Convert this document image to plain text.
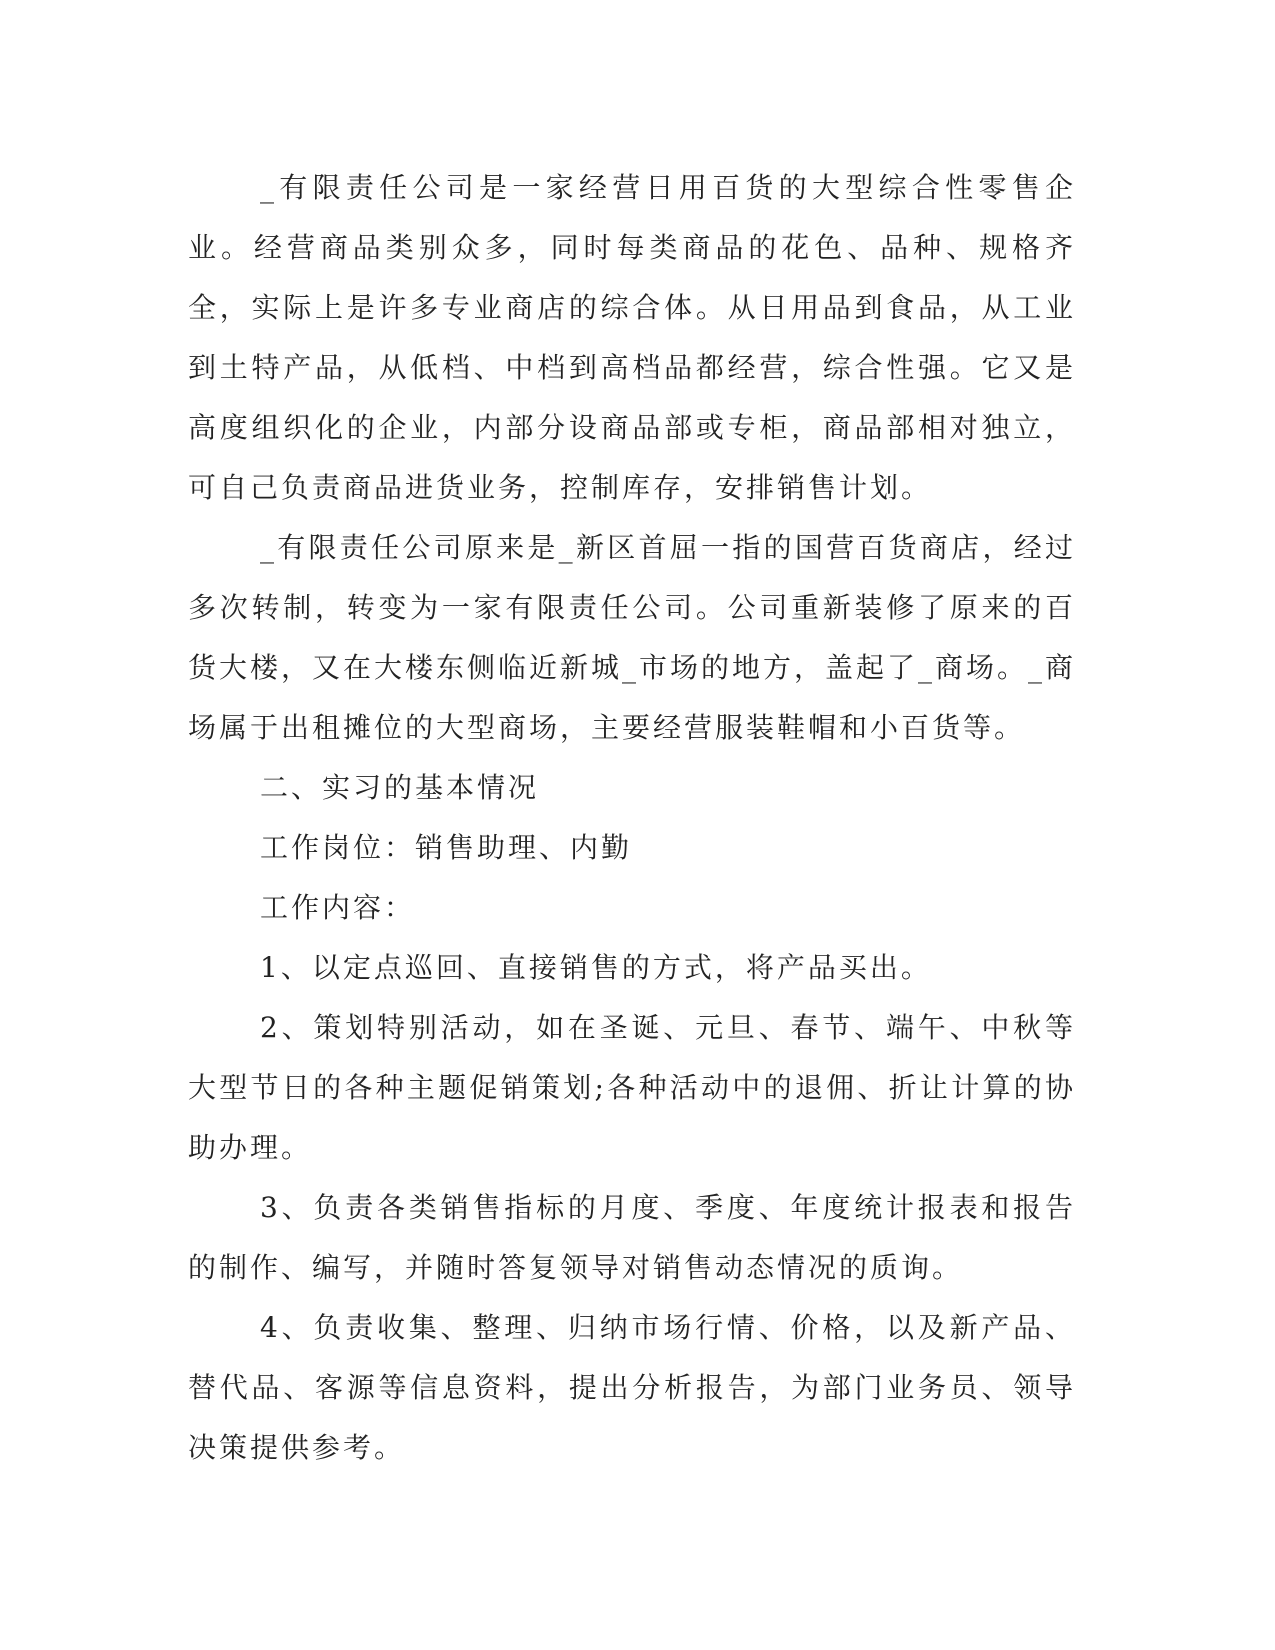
_有限责任公司是一家经营日用百货的大型综合性零售企业。经营商品类别众多，同时每类商品的花色、品种、规格齐全，实际上是许多专业商店的综合体。从日用品到食品，从工业到土特产品，从低档、中档到高档品都经营，综合性强。它又是高度组织化的企业，内部分设商品部或专柜，商品部相对独立，可自己负责商品进货业务，控制库存，安排销售计划。

_有限责任公司原来是_新区首屈一指的国营百货商店，经过多次转制，转变为一家有限责任公司。公司重新装修了原来的百货大楼，又在大楼东侧临近新城_市场的地方，盖起了_商场。_商场属于出租摊位的大型商场，主要经营服装鞋帽和小百货等。

二、实习的基本情况

工作岗位：销售助理、内勤

工作内容：

1、以定点巡回、直接销售的方式，将产品买出。

2、策划特别活动，如在圣诞、元旦、春节、端午、中秋等大型节日的各种主题促销策划;各种活动中的退佣、折让计算的协助办理。

3、负责各类销售指标的月度、季度、年度统计报表和报告的制作、编写，并随时答复领导对销售动态情况的质询。

4、负责收集、整理、归纳市场行情、价格，以及新产品、替代品、客源等信息资料，提出分析报告，为部门业务员、领导决策提供参考。
